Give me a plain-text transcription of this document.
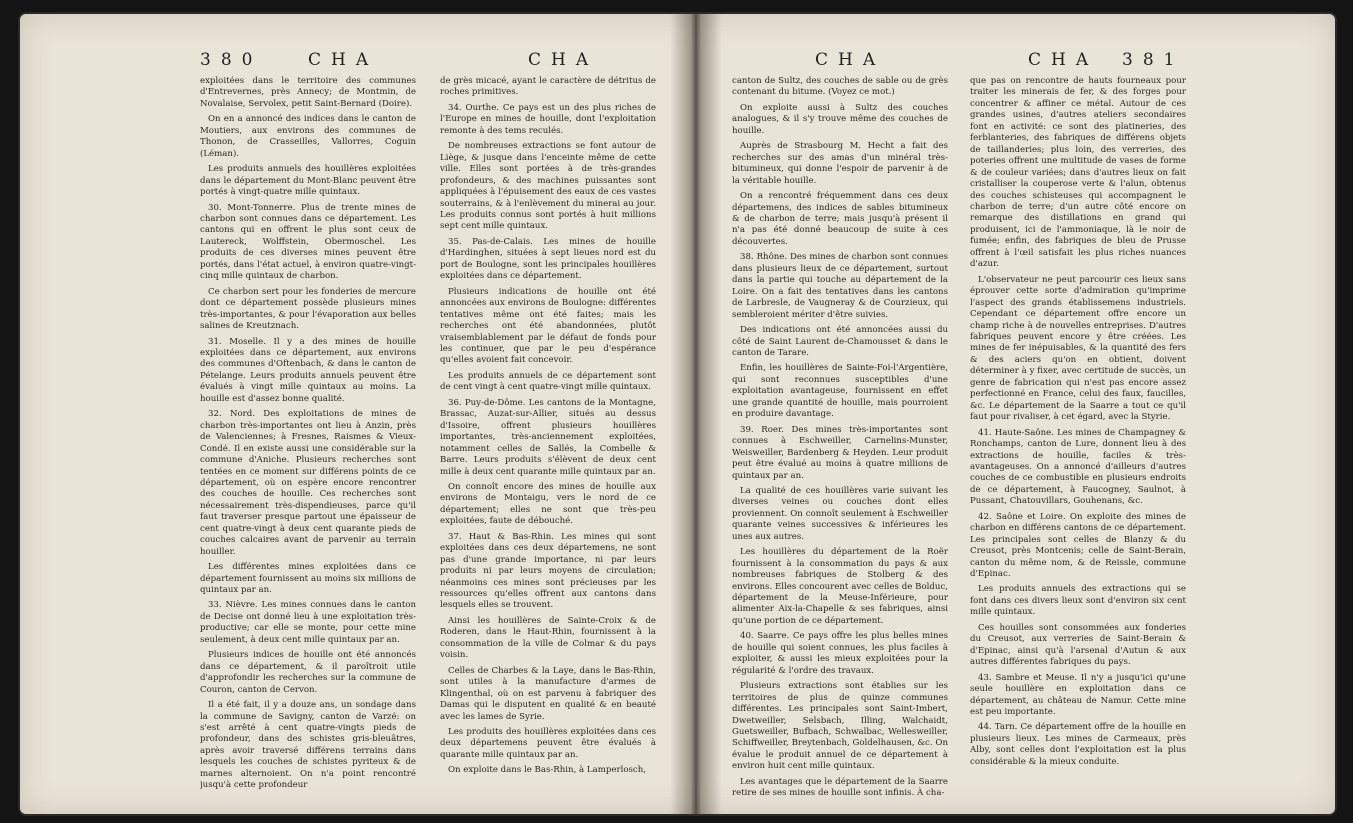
380	CHA	CHA	CHA	CHA 381

exploitées dans le territoire des communes d'Entrevernes, près Annecy; de Montmin, de Novalaise, Servolex, petit Saint-Bernard (Doire).

On en a annoncé des indices dans le canton de Moutiers, aux environs des communes de Thonon, de Crasseilles, Vallorres, Coguin (Léman).

Les produits annuels des houillères exploitées dans le département du Mont-Blanc peuvent être portés à vingt-quatre mille quintaux.

30. Mont-Tonnerre. Plus de trente mines de charbon sont connues dans ce département. Les cantons qui en offrent le plus sont ceux de Lautereck, Wolffstein, Obermoschel. Les produits de ces diverses mines peuvent être portés, dans l'état actuel, à environ quatre-vingt-cinq mille quintaux de charbon.

Ce charbon sert pour les fonderies de mercure dont ce département possède plusieurs mines très-importantes, & pour l'évaporation aux belles salines de Kreutznach.

31. Moselle. Il y a des mines de houille exploitées dans ce département, aux environs des communes d'Oftenbach, & dans le canton de Pételange. Leurs produits annuels peuvent être évalués à vingt mille quintaux au moins. La houille est d'assez bonne qualité.

32. Nord. Des exploitations de mines de charbon très-importantes ont lieu à Anzin, près de Valenciennes; à Fresnes, Raismes & Vieux-Condé. Il en existe aussi une considérable sur la commune d'Aniche. Plusieurs recherches sont tentées en ce moment sur différens points de ce département, où on espère encore rencontrer des couches de houille. Ces recherches sont nécessairement très-dispendieuses, parce qu'il faut traverser presque partout une épaisseur de cent quatre-vingt à deux cent quarante pieds de couches calcaires avant de parvenir au terrain houiller.

Les différentes mines exploitées dans ce département fournissent au moins six millions de quintaux par an.

33. Nièvre. Les mines connues dans le canton de Decise ont donné lieu à une exploitation très-productive; car elle se monte, pour cette mine seulement, à deux cent mille quintaux par an.

Plusieurs indices de houille ont été annoncés dans ce département, & il paroîtroit utile d'approfondir les recherches sur la commune de Couron, canton de Cervon.

Il a été fait, il y a douze ans, un sondage dans la commune de Savigny, canton de Varzé: on s'est arrêté à cent quatre-vingts pieds de profondeur, dans des schistes gris-bleuâtres, après avoir traversé différens terrains dans lesquels les couches de schistes pyriteux & de marnes alternoient. On n'a point rencontré jusqu'à cette profondeur

de grès micacé, ayant le caractère de détritus de roches primitives.

34. Ourthe. Ce pays est un des plus riches de l'Europe en mines de houille, dont l'exploitation remonte à des tems reculés.

De nombreuses extractions se font autour de Liège, & jusque dans l'enceinte même de cette ville. Elles sont portées à de très-grandes profondeurs, & des machines puissantes sont appliquées à l'épuisement des eaux de ces vastes souterrains, & à l'enlèvement du minerai au jour. Les produits connus sont portés à huit millions sept cent mille quintaux.

35. Pas-de-Calais. Les mines de houille d'Hardinghen, situées à sept lieues nord est du port de Boulogne, sont les principales houillères exploitées dans ce département.

Plusieurs indications de houille ont été annoncées aux environs de Boulogne: différentes tentatives même ont été faites; mais les recherches ont été abandonnées, plutôt vraisemblablement par le défaut de fonds pour les continuer, que par le peu d'espérance qu'elles avoient fait concevoir.

Les produits annuels de ce département sont de cent vingt à cent quatre-vingt mille quintaux.

36. Puy-de-Dôme. Les cantons de la Montagne, Brassac, Auzat-sur-Allier, situés au dessus d'Issoire, offrent plusieurs houillères importantes, très-anciennement exploitées, notamment celles de Sallés, la Combelle & Barre. Leurs produits s'élèvent de deux cent mille à deux cent quarante mille quintaux par an.

On connoît encore des mines de houille aux environs de Montaigu, vers le nord de ce département; elles ne sont que très-peu exploitées, faute de débouché.

37. Haut & Bas-Rhin. Les mines qui sont exploitées dans ces deux départemens, ne sont pas d'une grande importance, ni par leurs produits ni par leurs moyens de circulation; néanmoins ces mines sont précieuses par les ressources qu'elles offrent aux cantons dans lesquels elles se trouvent.

Ainsi les houillères de Sainte-Croix & de Roderen, dans le Haut-Rhin, fournissent à la consommation de la ville de Colmar & du pays voisin.

Celles de Charbes & la Laye, dans le Bas-Rhin, sont utiles à la manufacture d'armes de Klingenthal, où on est parvenu à fabriquer des Damas qui le disputent en qualité & en beauté avec les lames de Syrie.

Les produits des houillères exploitées dans ces deux départemens peuvent être évalués à quarante mille quintaux par an.

On exploite dans le Bas-Rhin, à Lamperlosch,

canton de Sultz, des couches de sable ou de grès contenant du bitume. (Voyez ce mot.)

On exploite aussi à Sultz des couches analogues, & il s'y trouve même des couches de houille.

Auprès de Strasbourg M. Hecht a fait des recherches sur des amas d'un minéral très-bitumineux, qui donne l'espoir de parvenir à de la véritable houille.

On a rencontré fréquemment dans ces deux départemens, des indices de sables bitumineux & de charbon de terre; mais jusqu'à présent il n'a pas été donné beaucoup de suite à ces découvertes.

38. Rhône. Des mines de charbon sont connues dans plusieurs lieux de ce département, surtout dans la partie qui touche au département de la Loire. On a fait des tentatives dans les cantons de Larbresle, de Vaugneray & de Courzieux, qui sembleroient mériter d'être suivies.

Des indications ont été annoncées aussi du côté de Saint Laurent de-Chamousset & dans le canton de Tarare.

Enfin, les houillères de Sainte-Foi-l'Argentière, qui sont reconnues susceptibles d'une exploitation avantageuse, fournissent en effet une grande quantité de houille, mais pourroient en produire davantage.

39. Roer. Des mines très-importantes sont connues à Eschweiller, Carnelins-Munster, Weisweiller, Bardenberg & Heyden. Leur produit peut être évalué au moins à quatre millions de quintaux par an.

La qualité de ces houillères varie suivant les diverses veines ou couches dont elles proviennent. On connoît seulement à Eschweiller quarante veines successives & inférieures les unes aux autres.

Les houillères du département de la Roër fournissent à la consommation du pays & aux nombreuses fabriques de Stolberg & des environs. Elles concourent avec celles de Bolduc, département de la Meuse-Inférieure, pour alimenter Aix-la-Chapelle & ses fabriques, ainsi qu'une portion de ce département.

40. Saarre. Ce pays offre les plus belles mines de houille qui soient connues, les plus faciles à exploiter, & aussi les mieux exploitées pour la régularité & l'ordre des travaux.

Plusieurs extractions sont établies sur les territoires de plus de quinze communes différentes. Les principales sont Saint-Imbert, Dwetweiller, Selsbach, Illing, Walchaidt, Guetsweiller, Bufbach, Schwalbac, Wellesweiller, Schiffweiller, Breytenbach, Goldelhausen, &c. On évalue le produit annuel de ce département à environ huit cent mille quintaux.

Les avantages que le département de la Saarre retire de ses mines de houille sont infinis. À cha-

que pas on rencontre de hauts fourneaux pour traiter les minerais de fer, & des forges pour concentrer & affiner ce métal. Autour de ces grandes usines, d'autres ateliers secondaires font en activité: ce sont des platineries, des ferblanteries, des fabriques de différens objets de taillanderies; plus loin, des verreries, des poteries offrent une multitude de vases de forme & de couleur variées; dans d'autres lieux on fait cristalliser la couperose verte & l'alun, obtenus des couches schisteuses qui accompagnent le charbon de terre; d'un autre côté encore on remarque des distillations en grand qui produisent, ici de l'ammoniaque, là le noir de fumée; enfin, des fabriques de bleu de Prusse offrent à l'œil satisfait les plus riches nuances d'azur.

L'observateur ne peut parcourir ces lieux sans éprouver cette sorte d'admiration qu'imprime l'aspect des grands établissemens industriels. Cependant ce département offre encore un champ riche à de nouvelles entreprises. D'autres fabriques peuvent encore y être créées. Les mines de fer inépuisables, & la quantité des fers & des aciers qu'on en obtient, doivent déterminer à y fixer, avec certitude de succès, un genre de fabrication qui n'est pas encore assez perfectionné en France, celui des faux, faucilles, &c. Le département de la Saarre a tout ce qu'il faut pour rivaliser, à cet égard, avec la Styrie.

41. Haute-Saône. Les mines de Champagney & Ronchamps, canton de Lure, donnent lieu à des extractions de houille, faciles & très-avantageuses. On a annoncé d'ailleurs d'autres couches de ce combustible en plusieurs endroits de ce département, à Faucogney, Saulnot, à Pussant, Chatouvillars, Gouhenans, &c.

42. Saône et Loire. On exploite des mines de charbon en différens cantons de ce département. Les principales sont celles de Blanzy & du Creusot, près Montcenis; celle de Saint-Berain, canton du même nom, & de Reissle, commune d'Epinac.

Les produits annuels des extractions qui se font dans ces divers lieux sont d'environ six cent mille quintaux.

Ces houilles sont consommées aux fonderies du Creusot, aux verreries de Saint-Berain & d'Epinac, ainsi qu'à l'arsenal d'Autun & aux autres différentes fabriques du pays.

43. Sambre et Meuse. Il n'y a jusqu'ici qu'une seule houillère en exploitation dans ce département, au château de Namur. Cette mine est peu importante.

44. Tarn. Ce département offre de la houille en plusieurs lieux. Les mines de Carmeaux, près Alby, sont celles dont l'exploitation est la plus considérable & la mieux conduite.
